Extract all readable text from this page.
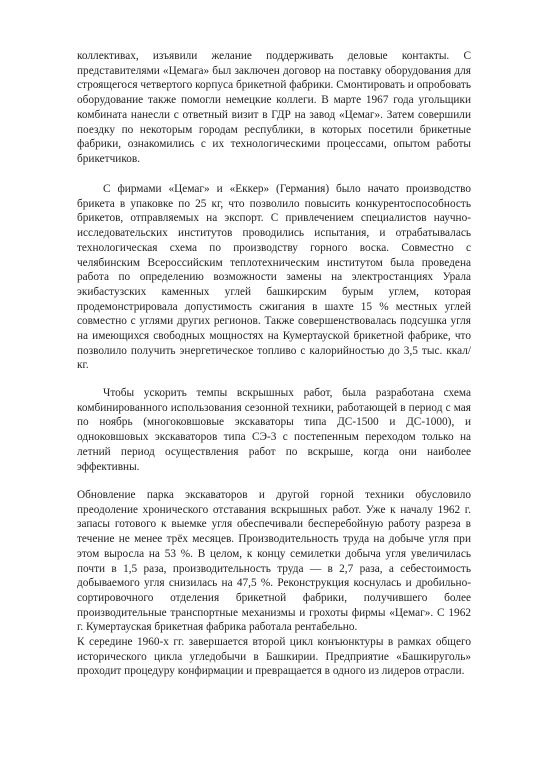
коллективах, изъявили желание поддерживать деловые контакты. С представителями «Цемага» был заключен договор на поставку оборудования для строящегося четвертого корпуса брикетной фабрики. Смонтировать и опробовать оборудование также помогли немецкие коллеги. В марте 1967 года угольщики комбината нанесли с ответный визит в ГДР на завод «Цемаг». Затем совершили поездку по некоторым городам республики, в которых посетили брикетные фабрики, ознакомились с их технологическими процессами, опытом работы брикетчиков.

С фирмами «Цемаг» и «Еккер» (Германия) было начато производство брикета в упаковке по 25 кг, что позволило повысить конкурентоспособность брикетов, отправляемых на экспорт. С привлечением специалистов научно-исследовательских институтов проводились испытания, и отрабатывалась технологическая схема по производству горного воска. Совместно с челябинским Всероссийским теплотехническим институтом была проведена работа по определению возможности замены на электростанциях Урала экибастузских каменных углей башкирским бурым углем, которая продемонстрировала допустимость сжигания в шахте 15 % местных углей совместно с углями других регионов. Также совершенствовалась подсушка угля на имеющихся свободных мощностях на Кумертауской брикетной фабрике, что позволило получить энергетическое топливо с калорийностью до 3,5 тыс. ккал/кг.

Чтобы ускорить темпы вскрышных работ, была разработана схема комбинированного использования сезонной техники, работающей в период с мая по ноябрь (многоковшовые экскаваторы типа ДС-1500 и ДС-1000), и одноковшовых экскаваторов типа СЭ-3 с постепенным переходом только на летний период осуществления работ по вскрыше, когда они наиболее эффективны.

Обновление парка экскаваторов и другой горной техники обусловило преодоление хронического отставания вскрышных работ. Уже к началу 1962 г. запасы готового к выемке угля обеспечивали бесперебойную работу разреза в течение не менее трёх месяцев. Производительность труда на добыче угля при этом выросла на 53 %. В целом, к концу семилетки добыча угля увеличилась почти в 1,5 раза, производительность труда — в 2,7 раза, а себестоимость добываемого угля снизилась на 47,5 %. Реконструкция коснулась и дробильно-сортировочного отделения брикетной фабрики, получившего более производительные транспортные механизмы и грохоты фирмы «Цемаг». С 1962 г. Кумертауская брикетная фабрика работала рентабельно.

К середине 1960-х гг. завершается второй цикл конъюнктуры в рамках общего исторического цикла угледобычи в Башкирии. Предприятие «Башкируголь» проходит процедуру конфирмации и превращается в одного из лидеров отрасли.
